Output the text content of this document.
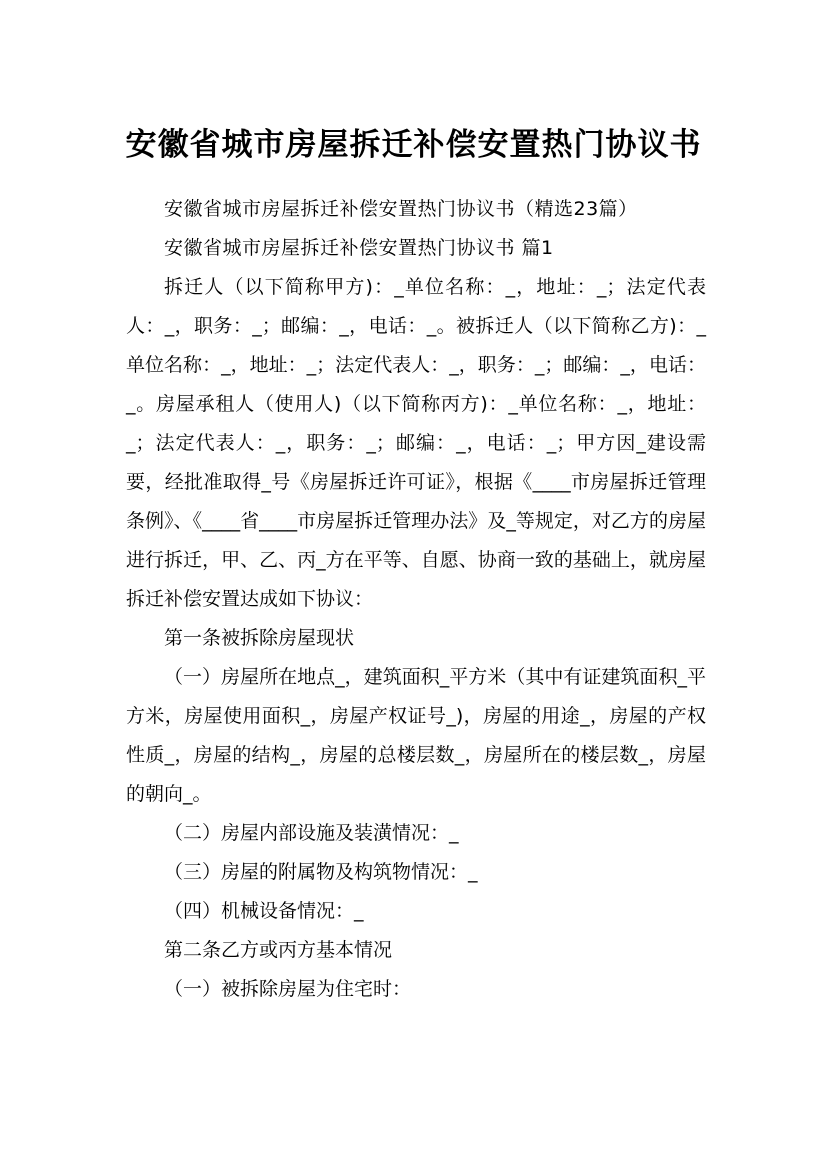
安徽省城市房屋拆迁补偿安置热门协议书

安徽省城市房屋拆迁补偿安置热门协议书（精选23篇）

安徽省城市房屋拆迁补偿安置热门协议书 篇1

拆迁人（以下简称甲方)：_单位名称：_，地址：_；法定代表人：_，职务：_；邮编：_，电话：_。被拆迁人（以下简称乙方)：_单位名称：_，地址：_；法定代表人：_，职务：_；邮编：_，电话：_。房屋承租人（使用人)（以下简称丙方)：_单位名称：_，地址：_；法定代表人：_，职务：_；邮编：_，电话：_；甲方因_建设需要，经批准取得_号《房屋拆迁许可证》，根据《____市房屋拆迁管理条例》、《____省____市房屋拆迁管理办法》及_等规定，对乙方的房屋进行拆迁，甲、乙、丙_方在平等、自愿、协商一致的基础上，就房屋拆迁补偿安置达成如下协议：

第一条被拆除房屋现状

（一）房屋所在地点_，建筑面积_平方米（其中有证建筑面积_平方米，房屋使用面积_，房屋产权证号_)，房屋的用途_，房屋的产权性质_，房屋的结构_，房屋的总楼层数_，房屋所在的楼层数_，房屋的朝向_。

（二）房屋内部设施及装潢情况：_

（三）房屋的附属物及构筑物情况：_

（四）机械设备情况：_

第二条乙方或丙方基本情况

（一）被拆除房屋为住宅时：
